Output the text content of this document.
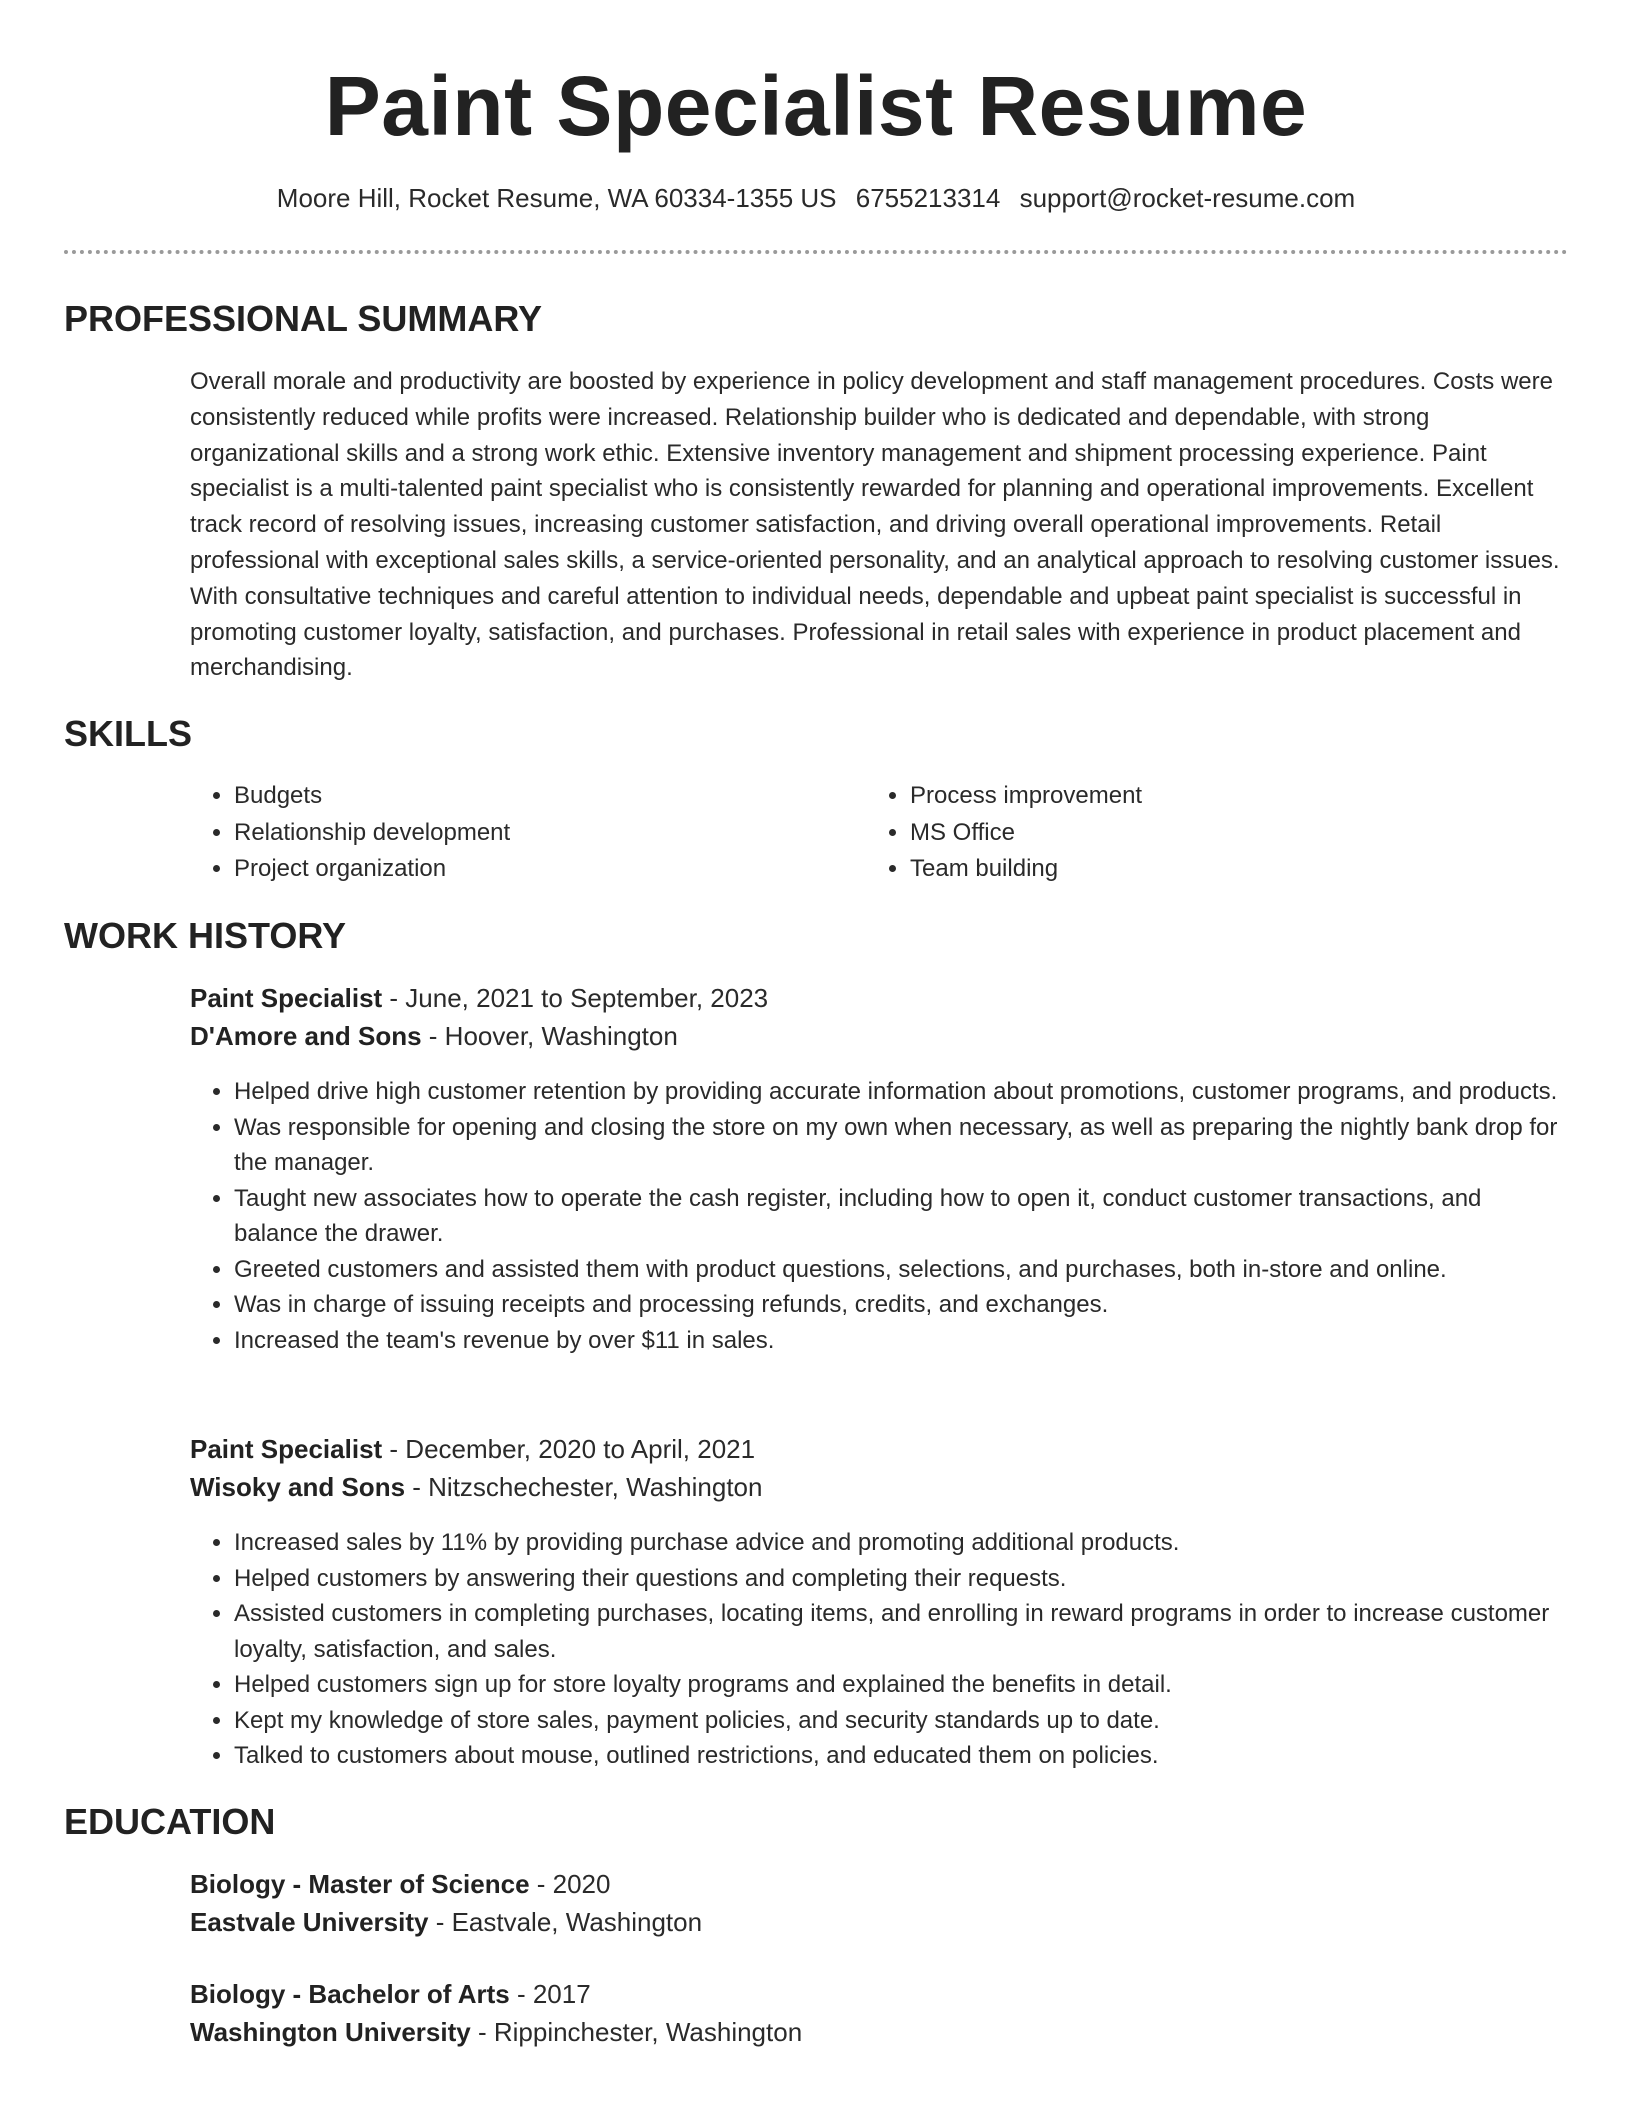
Paint Specialist Resume
Moore Hill, Rocket Resume, WA 60334-1355 US 6755213314 support@rocket-resume.com
PROFESSIONAL SUMMARY

Overall morale and productivity are boosted by experience in policy development and staff management procedures. Costs were consistently reduced while profits were increased. Relationship builder who is dedicated and dependable, with strong organizational skills and a strong work ethic. Extensive inventory management and shipment processing experience. Paint specialist is a multi-talented paint specialist who is consistently rewarded for planning and operational improvements. Excellent track record of resolving issues, increasing customer satisfaction, and driving overall operational improvements. Retail professional with exceptional sales skills, a service-oriented personality, and an analytical approach to resolving customer issues. With consultative techniques and careful attention to individual needs, dependable and upbeat paint specialist is successful in promoting customer loyalty, satisfaction, and purchases. Professional in retail sales with experience in product placement and merchandising.

SKILLS
• Budgets
• Relationship development
• Project organization
• Process improvement
• MS Office
• Team building
WORK HISTORY

Paint Specialist - June, 2021 to September, 2023

D'Amore and Sons - Hoover, Washington

• Helped drive high customer retention by providing accurate information about promotions, customer programs, and products.
• Was responsible for opening and closing the store on my own when necessary, as well as preparing the nightly bank drop for the manager.
• Taught new associates how to operate the cash register, including how to open it, conduct customer transactions, and balance the drawer.
• Greeted customers and assisted them with product questions, selections, and purchases, both in-store and online.
• Was in charge of issuing receipts and processing refunds, credits, and exchanges.
• Increased the team's revenue by over $11 in sales.

Paint Specialist - December, 2020 to April, 2021

Wisoky and Sons - Nitzschechester, Washington

• Increased sales by 11% by providing purchase advice and promoting additional products.
• Helped customers by answering their questions and completing their requests.
• Assisted customers in completing purchases, locating items, and enrolling in reward programs in order to increase customer loyalty, satisfaction, and sales.
• Helped customers sign up for store loyalty programs and explained the benefits in detail.
• Kept my knowledge of store sales, payment policies, and security standards up to date.
• Talked to customers about mouse, outlined restrictions, and educated them on policies.
EDUCATION

Biology - Master of Science - 2020

Eastvale University - Eastvale, Washington

Biology - Bachelor of Arts - 2017

Washington University - Rippinchester, Washington
